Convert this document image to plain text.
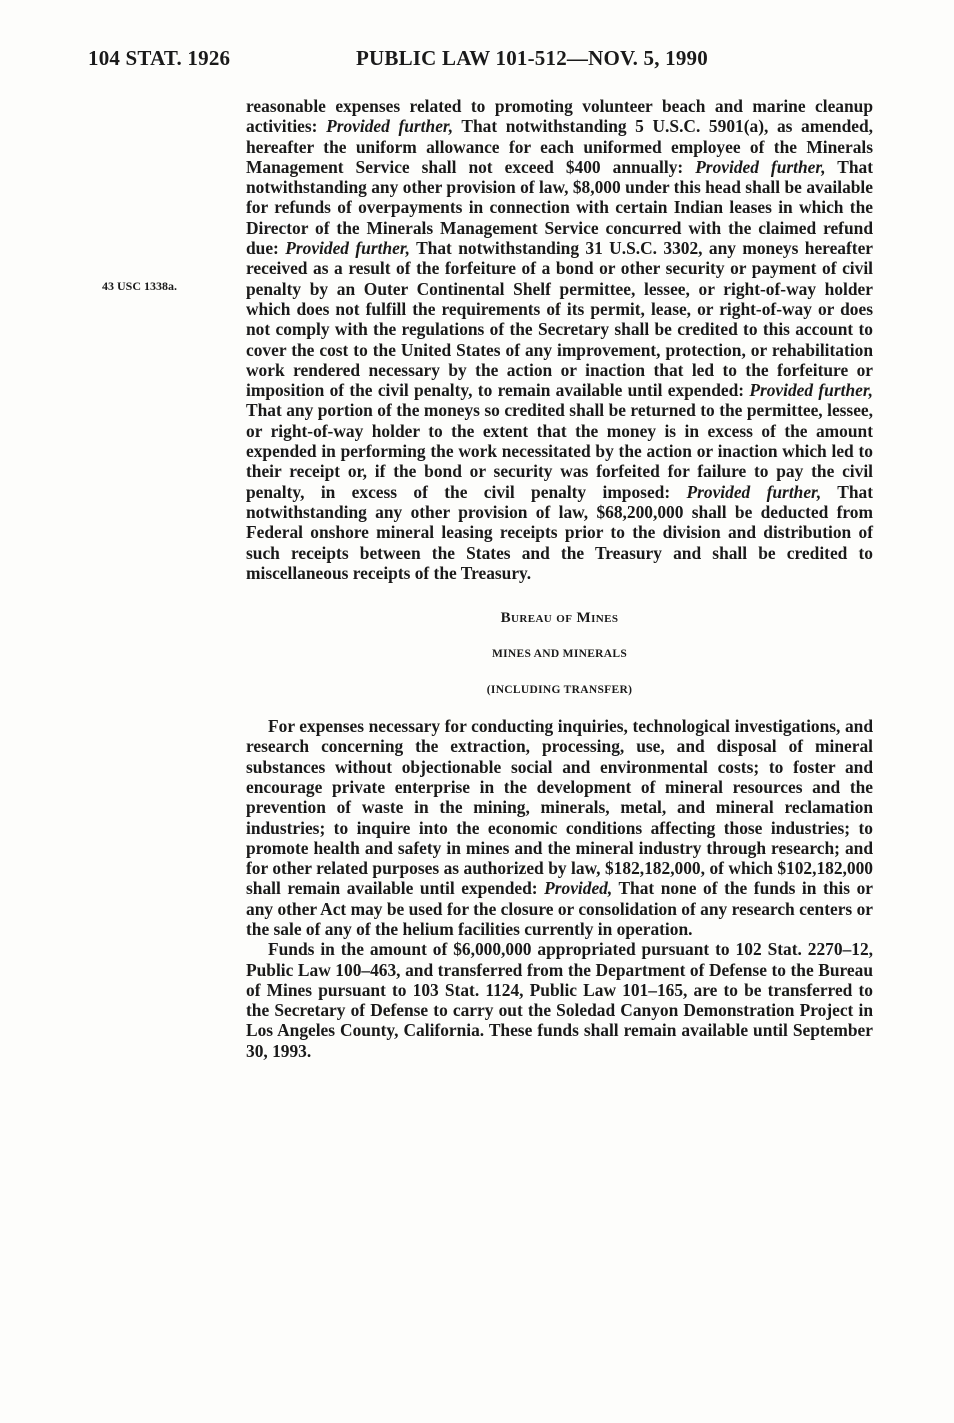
104 STAT. 1926	PUBLIC LAW 101-512—NOV. 5, 1990
43 USC 1338a.

reasonable expenses related to promoting volunteer beach and marine cleanup activities: Provided further, That notwithstanding 5 U.S.C. 5901(a), as amended, hereafter the uniform allowance for each uniformed employee of the Minerals Management Service shall not exceed $400 annually: Provided further, That notwithstanding any other provision of law, $8,000 under this head shall be available for refunds of overpayments in connection with certain Indian leases in which the Director of the Minerals Management Service concurred with the claimed refund due: Provided further, That notwithstanding 31 U.S.C. 3302, any moneys hereafter received as a result of the forfeiture of a bond or other security or payment of civil penalty by an Outer Continental Shelf permittee, lessee, or right-of-way holder which does not fulfill the requirements of its permit, lease, or right-of-way or does not comply with the regulations of the Secretary shall be credited to this account to cover the cost to the United States of any improvement, protection, or rehabilitation work rendered necessary by the action or inaction that led to the forfeiture or imposition of the civil penalty, to remain available until expended: Provided further, That any portion of the moneys so credited shall be returned to the permittee, lessee, or right-of-way holder to the extent that the money is in excess of the amount expended in performing the work necessitated by the action or inaction which led to their receipt or, if the bond or security was forfeited for failure to pay the civil penalty, in excess of the civil penalty imposed: Provided further, That notwithstanding any other provision of law, $68,200,000 shall be deducted from Federal onshore mineral leasing receipts prior to the division and distribution of such receipts between the States and the Treasury and shall be credited to miscellaneous receipts of the Treasury.

Bureau of Mines

MINES AND MINERALS

(INCLUDING TRANSFER)

For expenses necessary for conducting inquiries, technological investigations, and research concerning the extraction, processing, use, and disposal of mineral substances without objectionable social and environmental costs; to foster and encourage private enterprise in the development of mineral resources and the prevention of waste in the mining, minerals, metal, and mineral reclamation industries; to inquire into the economic conditions affecting those industries; to promote health and safety in mines and the mineral industry through research; and for other related purposes as authorized by law, $182,182,000, of which $102,182,000 shall remain available until expended: Provided, That none of the funds in this or any other Act may be used for the closure or consolidation of any research centers or the sale of any of the helium facilities currently in operation.

Funds in the amount of $6,000,000 appropriated pursuant to 102 Stat. 2270–12, Public Law 100–463, and transferred from the Department of Defense to the Bureau of Mines pursuant to 103 Stat. 1124, Public Law 101–165, are to be transferred to the Secretary of Defense to carry out the Soledad Canyon Demonstration Project in Los Angeles County, California. These funds shall remain available until September 30, 1993.
